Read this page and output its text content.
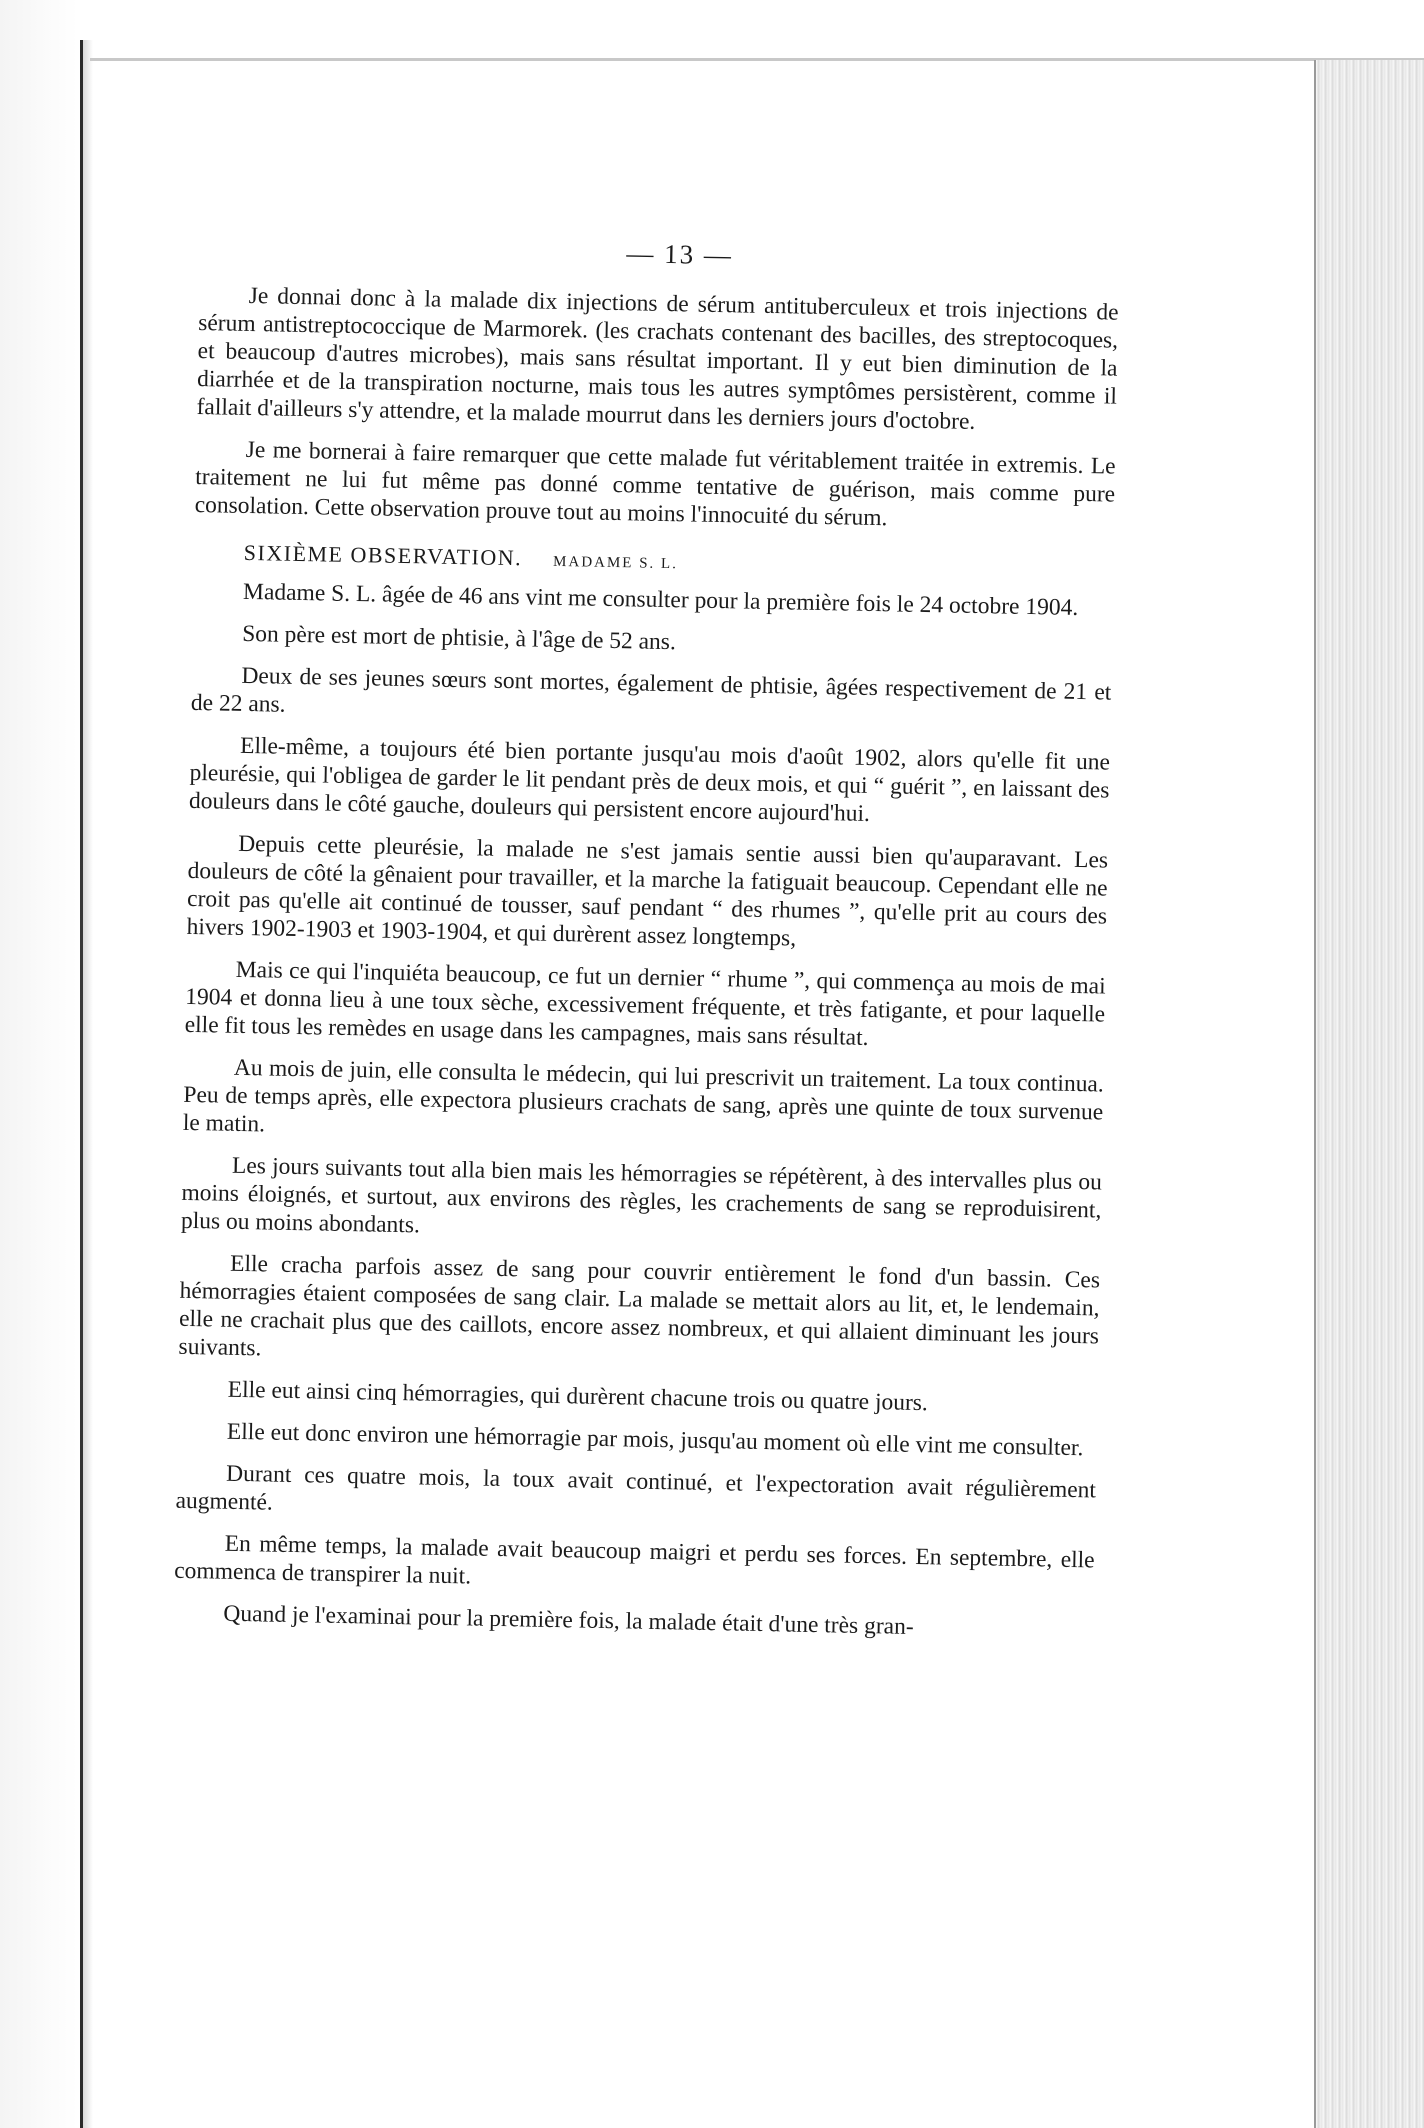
— 13 —

Je donnai donc à la malade dix injections de sérum antituberculeux et trois injections de sérum antistreptococcique de Marmorek. (les crachats contenant des bacilles, des streptocoques, et beaucoup d'autres microbes), mais sans résultat important. Il y eut bien diminution de la diarrhée et de la transpiration nocturne, mais tous les autres symptômes persistèrent, comme il fallait d'ailleurs s'y attendre, et la malade mourrut dans les derniers jours d'octobre.

Je me bornerai à faire remarquer que cette malade fut véritablement traitée in extremis. Le traitement ne lui fut même pas donné comme tentative de guérison, mais comme pure consolation. Cette observation prouve tout au moins l'innocuité du sérum.

SIXIÈME OBSERVATION. MADAME S. L.

Madame S. L. âgée de 46 ans vint me consulter pour la première fois le 24 octobre 1904.

Son père est mort de phtisie, à l'âge de 52 ans.

Deux de ses jeunes sœurs sont mortes, également de phtisie, âgées respectivement de 21 et de 22 ans.

Elle-même, a toujours été bien portante jusqu'au mois d'août 1902, alors qu'elle fit une pleurésie, qui l'obligea de garder le lit pendant près de deux mois, et qui “ guérit ”, en laissant des douleurs dans le côté gauche, douleurs qui persistent encore aujourd'hui.

Depuis cette pleurésie, la malade ne s'est jamais sentie aussi bien qu'auparavant. Les douleurs de côté la gênaient pour travailler, et la marche la fatiguait beaucoup. Cependant elle ne croit pas qu'elle ait continué de tousser, sauf pendant “ des rhumes ”, qu'elle prit au cours des hivers 1902-1903 et 1903-1904, et qui durèrent assez longtemps,

Mais ce qui l'inquiéta beaucoup, ce fut un dernier “ rhume ”, qui commença au mois de mai 1904 et donna lieu à une toux sèche, excessivement fréquente, et très fatigante, et pour laquelle elle fit tous les remèdes en usage dans les campagnes, mais sans résultat.

Au mois de juin, elle consulta le médecin, qui lui prescrivit un traitement. La toux continua. Peu de temps après, elle expectora plusieurs crachats de sang, après une quinte de toux survenue le matin.

Les jours suivants tout alla bien mais les hémorragies se répétèrent, à des intervalles plus ou moins éloignés, et surtout, aux environs des règles, les crachements de sang se reproduisirent, plus ou moins abondants.

Elle cracha parfois assez de sang pour couvrir entièrement le fond d'un bassin. Ces hémorragies étaient composées de sang clair. La malade se mettait alors au lit, et, le lendemain, elle ne crachait plus que des caillots, encore assez nombreux, et qui allaient diminuant les jours suivants.

Elle eut ainsi cinq hémorragies, qui durèrent chacune trois ou quatre jours.

Elle eut donc environ une hémorragie par mois, jusqu'au moment où elle vint me consulter.

Durant ces quatre mois, la toux avait continué, et l'expectoration avait régulièrement augmenté.

En même temps, la malade avait beaucoup maigri et perdu ses forces. En septembre, elle commenca de transpirer la nuit.

Quand je l'examinai pour la première fois, la malade était d'une très gran-
